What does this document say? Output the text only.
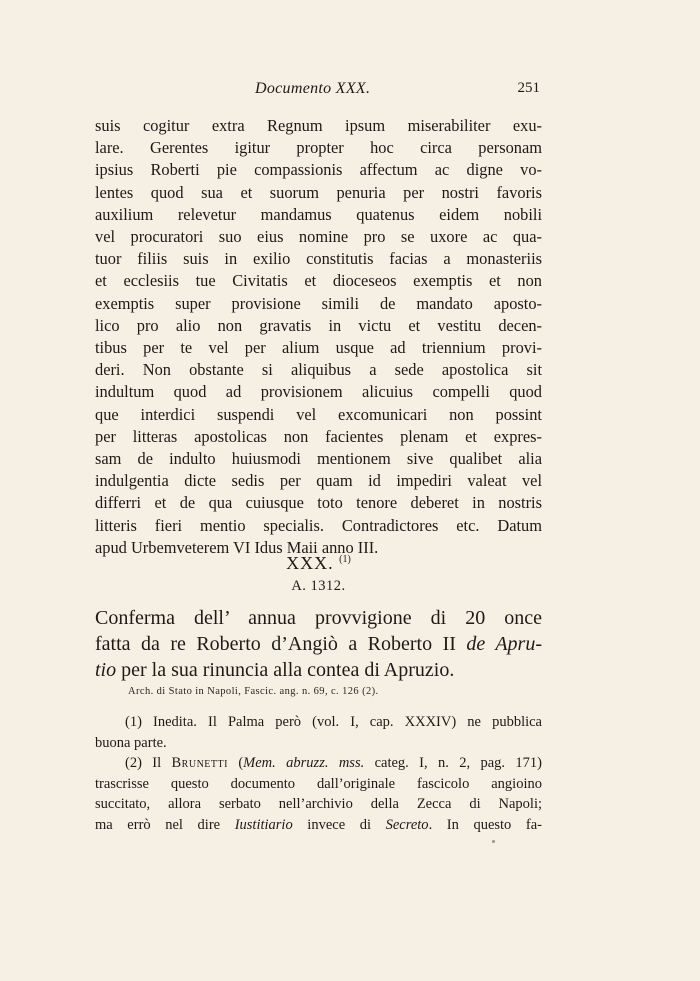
Documento XXX.	251
suis cogitur extra Regnum ipsum miserabiliter exu-
lare. Gerentes igitur propter hoc circa personam
ipsius Roberti pie compassionis affectum ac digne vo-
lentes quod sua et suorum penuria per nostri favoris
auxilium relevetur mandamus quatenus eidem nobili
vel procuratori suo eius nomine pro se uxore ac qua-
tuor filiis suis in exilio constitutis facias a monasteriis
et ecclesiis tue Civitatis et dioceseos exemptis et non
exemptis super provisione simili de mandato aposto-
lico pro alio non gravatis in victu et vestitu decen-
tibus per te vel per alium usque ad triennium provi-
deri. Non obstante si aliquibus a sede apostolica sit
indultum quod ad provisionem alicuius compelli quod
que interdici suspendi vel excomunicari non possint
per litteras apostolicas non facientes plenam et expres-
sam de indulto huiusmodi mentionem sive qualibet alia
indulgentia dicte sedis per quam id impediri valeat vel
differri et de qua cuiusque toto tenore deberet in nostris
litteris fieri mentio specialis. Contradictores etc. Datum
apud Urbemveterem VI Idus Maii anno III.
XXX. $^{(1)}$
A. 1312.
Conferma dell’ annua provvigione di 20 once
fatta da re Roberto d’Angiò a Roberto II de Apru-
tio per la sua rinuncia alla contea di Apruzio.
Arch. di Stato in Napoli, Fascic. ang. n. 69, c. 126 (2).
(1) Inedita. Il Palma però (vol. I, cap. XXXIV) ne pubblica
buona parte.
(2) Il Brunetti (Mem. abruzz. mss. categ. I, n. 2, pag. 171)
trascrisse questo documento dall’originale fascicolo angioino
succitato, allora serbato nell’archivio della Zecca di Napoli;
ma errò nel dire Iustitiario invece di Secreto. In questo fa-
